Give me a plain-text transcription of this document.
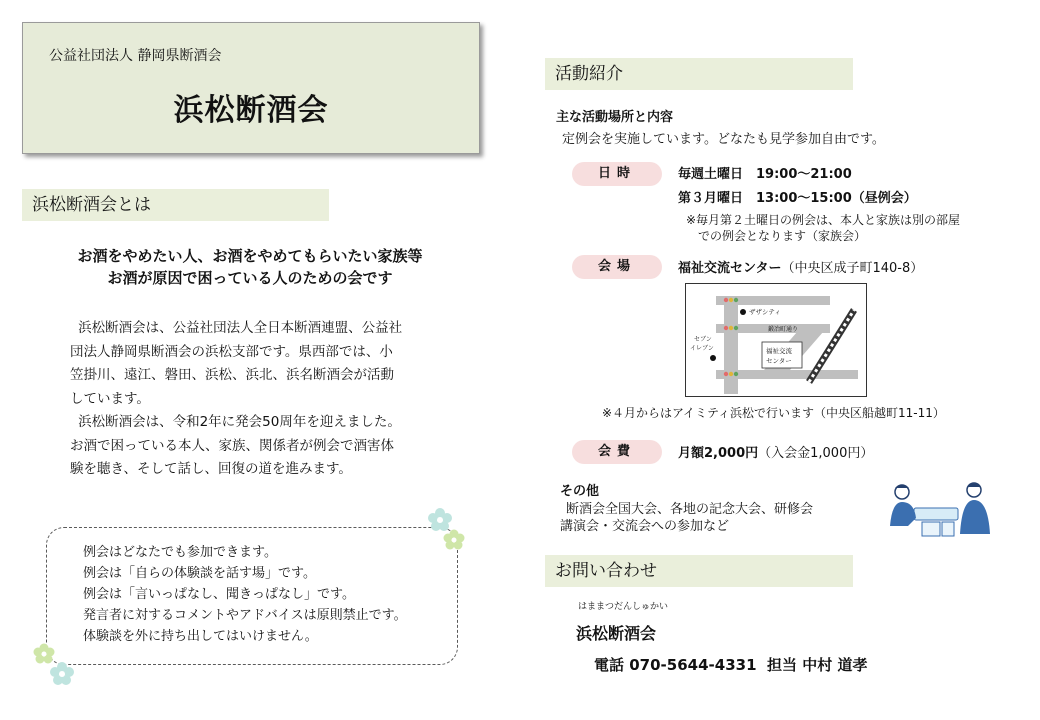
公益社団法人 静岡県断酒会
浜松断酒会
浜松断酒会とは
お酒をやめたい人、お酒をやめてもらいたい家族等
お酒が原因で困っている人のための会です
浜松断酒会は、公益社団法人全日本断酒連盟、公益社
団法人静岡県断酒会の浜松支部です。県西部では、小
笠掛川、遠江、磐田、浜松、浜北、浜名断酒会が活動
しています。
浜松断酒会は、令和2年に発会50周年を迎えました。
お酒で困っている本人、家族、関係者が例会で酒害体
験を聴き、そして話し、回復の道を進みます。
例会はどなたでも参加できます。
例会は「自らの体験談を話す場」です。
例会は「言いっぱなし、聞きっぱなし」です。
発言者に対するコメントやアドバイスは原則禁止です。
体験談を外に持ち出してはいけません。
活動紹介
主な活動場所と内容
定例会を実施しています。どなたも見学参加自由です。
日時	毎週土曜日　19:00〜21:00
第３月曜日　13:00〜15:00（昼例会）
※毎月第２土曜日の例会は、本人と家族は別の部屋
での例会となります（家族会）
会場	福祉交流センター（中央区成子町140-8）
ザザシティ
鍛冶町通り
セブン
イレブン	福祉交流
センター
※４月からはアイミティ浜松で行います（中央区船越町11-11）
会費	月額2,000円（入会金1,000円）
その他
断酒会全国大会、各地の記念大会、研修会
講演会・交流会への参加など
お問い合わせ
はままつだんしゅかい
浜松断酒会
電話 070-5644-4331 担当 中村 道孝
